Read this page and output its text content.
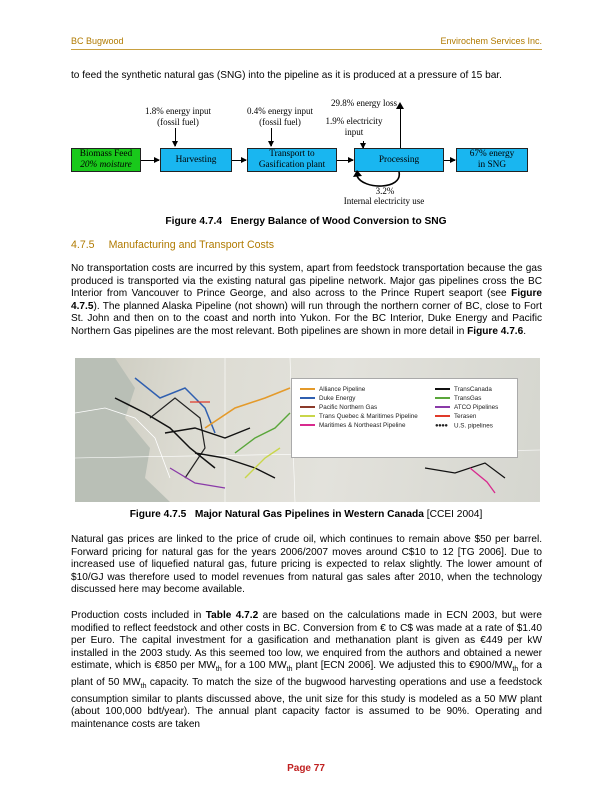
BC Bugwood	Envirochem Services Inc.

to feed the synthetic natural gas (SNG) into the pipeline as it is produced at a pressure of 15 bar.

1.8% energy input
(fossil fuel)
0.4% energy input
(fossil fuel)
29.8% energy loss
1.9% electricity
input
Biomass Feed
20% moisture
Harvesting
Transport to
Gasification plant
Processing
67% energy
in SNG
3.2%
Internal electricity use
Figure 4.7.4 Energy Balance of Wood Conversion to SNG
4.7.5 Manufacturing and Transport Costs

No transportation costs are incurred by this system, apart from feedstock transportation because the gas produced is transported via the existing natural gas pipeline network. Major gas pipelines cross the BC Interior from Vancouver to Prince George, and also across to the Prince Rupert seaport (see Figure 4.7.5). The planned Alaska Pipeline (not shown) will run through the northern corner of BC, close to Fort St. John and then on to the coast and north into Yukon. For the BC Interior, Duke Energy and Pacific Northern Gas pipelines are the most relevant. Both pipelines are shown in more detail in Figure 4.7.6.

Alliance Pipeline
Duke Energy
Pacific Northern Gas
Trans Quebec & Maritimes Pipeline
Maritimes & Northeast Pipeline
TransCanada
TransGas
ATCO Pipelines
Terasen
●●●● U.S. pipelines
Figure 4.7.5 Major Natural Gas Pipelines in Western Canada [CCEI 2004]

Natural gas prices are linked to the price of crude oil, which continues to remain above $50 per barrel. Forward pricing for natural gas for the years 2006/2007 moves around C$10 to 12 [TG 2006]. Due to increased use of liquefied natural gas, future pricing is expected to relax slightly. The lower amount of $10/GJ was therefore used to model revenues from natural gas sales after 2010, when the technology discussed here may become available.

Production costs included in Table 4.7.2 are based on the calculations made in ECN 2003, but were modified to reflect feedstock and other costs in BC. Conversion from € to C$ was made at a rate of $1.40 per Euro. The capital investment for a gasification and methanation plant is given as €449 per kW installed in the 2003 study. As this seemed too low, we enquired from the authors and obtained a newer estimate, which is €850 per $MW_{th}$ for a 100 $MW_{th}$ plant [ECN 2006]. We adjusted this to $€900/MW_{th}$ for a plant of 50 $MW_{th}$ capacity. To match the size of the bugwood harvesting operations and use a feedstock consumption similar to plants discussed above, the unit size for this study is modeled as a 50 MW plant (about 100,000 bdt/year). The annual plant capacity factor is assumed to be 90%. Operating and maintenance costs are taken

Page 77
